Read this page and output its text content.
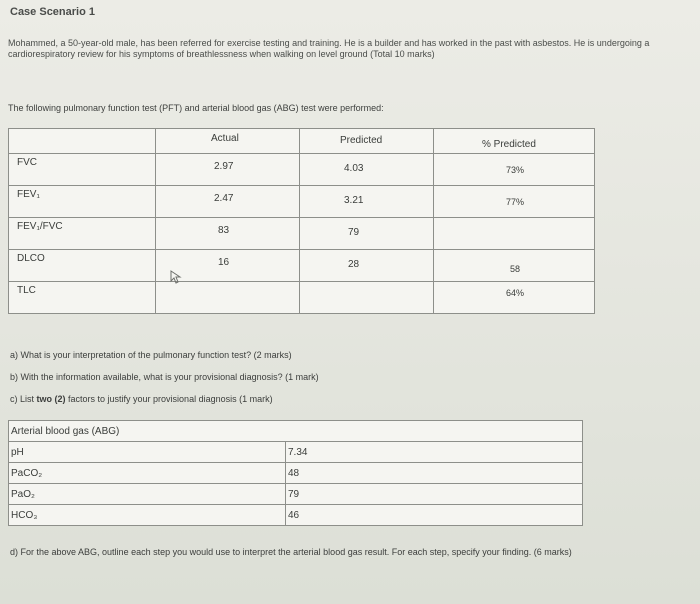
Case Scenario 1
Mohammed, a 50-year-old male, has been referred for exercise testing and training. He is a builder and has worked in the past with asbestos. He is undergoing a cardiorespiratory review for his symptoms of breathlessness when walking on level ground (Total 10 marks)
The following pulmonary function test (PFT) and arterial blood gas (ABG) test were performed:

	Actual	Predicted	% Predicted

FVC	2.97	4.03	73%

FEV₁	2.47	3.21	77%

FEV₁/FVC	83	79	

DLCO	16	28	58

TLC			64%
a) What is your interpretation of the pulmonary function test? (2 marks)
b) With the information available, what is your provisional diagnosis? (1 mark)
c) List two (2) factors to justify your provisional diagnosis (1 mark)
Arterial blood gas (ABG)	
pH	7.34
PaCO₂	48
PaO₂	79
HCO₃	46
d) For the above ABG, outline each step you would use to interpret the arterial blood gas result. For each step, specify your finding. (6 marks)
